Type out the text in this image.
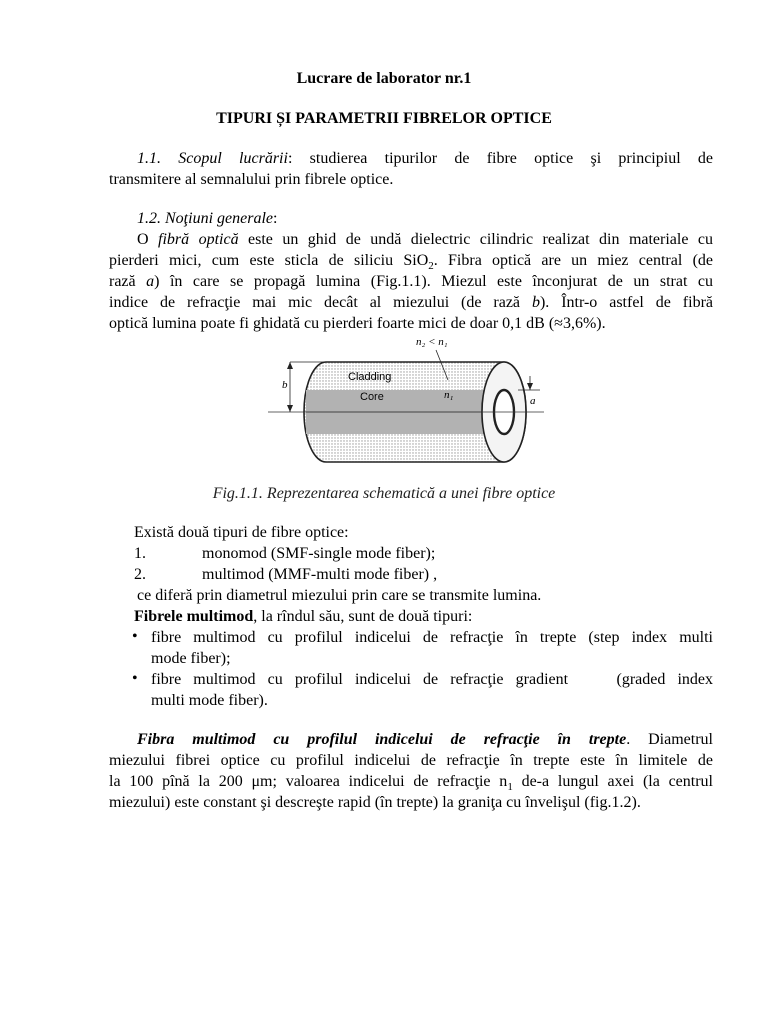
Lucrare de laborator nr.1
TIPURI ȘI PARAMETRII FIBRELOR OPTICE
1.1. Scopul lucrării: studierea tipurilor de fibre optice şi principiul de
transmitere al semnalului prin fibrele optice.
1.2. Noţiuni generale:
O fibră optică este un ghid de undă dielectric cilindric realizat din materiale cu
pierderi mici, cum este sticla de siliciu SiO$_2$. Fibra optică are un miez central (de
rază a) în care se propagă lumina (Fig.1.1). Miezul este înconjurat de un strat cu
indice de refracţie mai mic decât al miezului (de rază b). Într-o astfel de fibră
optică lumina poate fi ghidată cu pierderi foarte mici de doar 0,1 dB (≈3,6%).
n₂ < n₁
Cladding
Core	n₁
b
a
Fig.1.1. Reprezentarea schematică a unei fibre optice
Există două tipuri de fibre optice:
1.	monomod (SMF-single mode fiber);
2.	multimod (MMF-multi mode fiber) ,
ce diferă prin diametrul miezului prin care se transmite lumina.
Fibrele multimod, la rîndul său, sunt de două tipuri:
• fibre multimod cu profilul indicelui de refracţie în trepte (step index multi
mode fiber);
• fibre multimod cu profilul indicelui de refracţie gradient    (graded index
multi mode fiber).
Fibra multimod cu profilul indicelui de refracţie în trepte. Diametrul
miezului fibrei optice cu profilul indicelui de refracţie în trepte este în limitele de
la 100 pînă la 200 μm; valoarea indicelui de refracţie $n_1$ de-a lungul axei (la centrul
miezului) este constant şi descreşte rapid (în trepte) la graniţa cu învelişul (fig.1.2).
